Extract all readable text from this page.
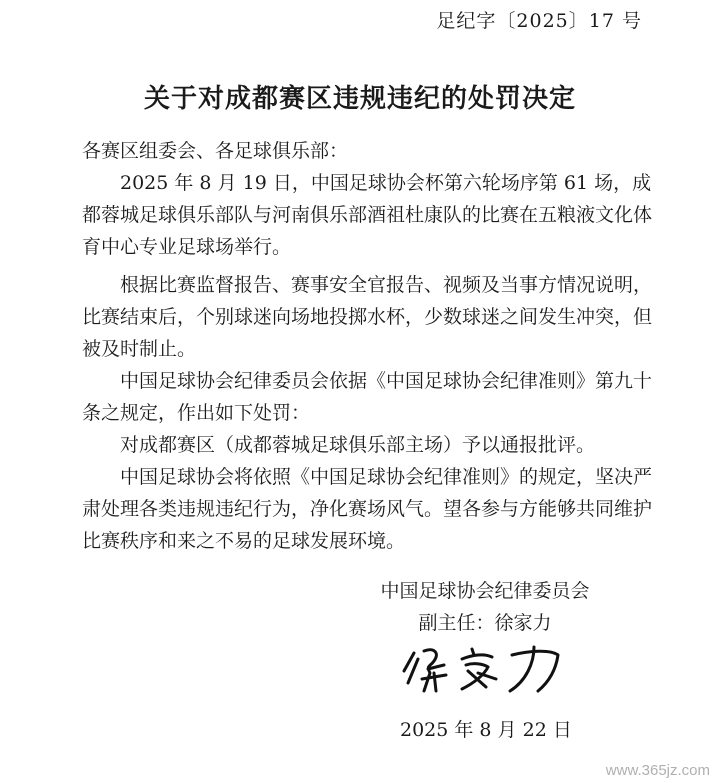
足纪字〔2025〕17 号
关于对成都赛区违规违纪的处罚决定

各赛区组委会、各足球俱乐部：

2025 年 8 月 19 日，中国足球协会杯第六轮场序第 61 场，成都蓉城足球俱乐部队与河南俱乐部酒祖杜康队的比赛在五粮液文化体育中心专业足球场举行。

根据比赛监督报告、赛事安全官报告、视频及当事方情况说明，比赛结束后，个别球迷向场地投掷水杯，少数球迷之间发生冲突，但被及时制止。

中国足球协会纪律委员会依据《中国足球协会纪律准则》第九十条之规定，作出如下处罚：

对成都赛区（成都蓉城足球俱乐部主场）予以通报批评。

中国足球协会将依照《中国足球协会纪律准则》的规定，坚决严肃处理各类违规违纪行为，净化赛场风气。望各参与方能够共同维护比赛秩序和来之不易的足球发展环境。

中国足球协会纪律委员会
副主任：徐家力
2025 年 8 月 22 日
www.365jz.com
